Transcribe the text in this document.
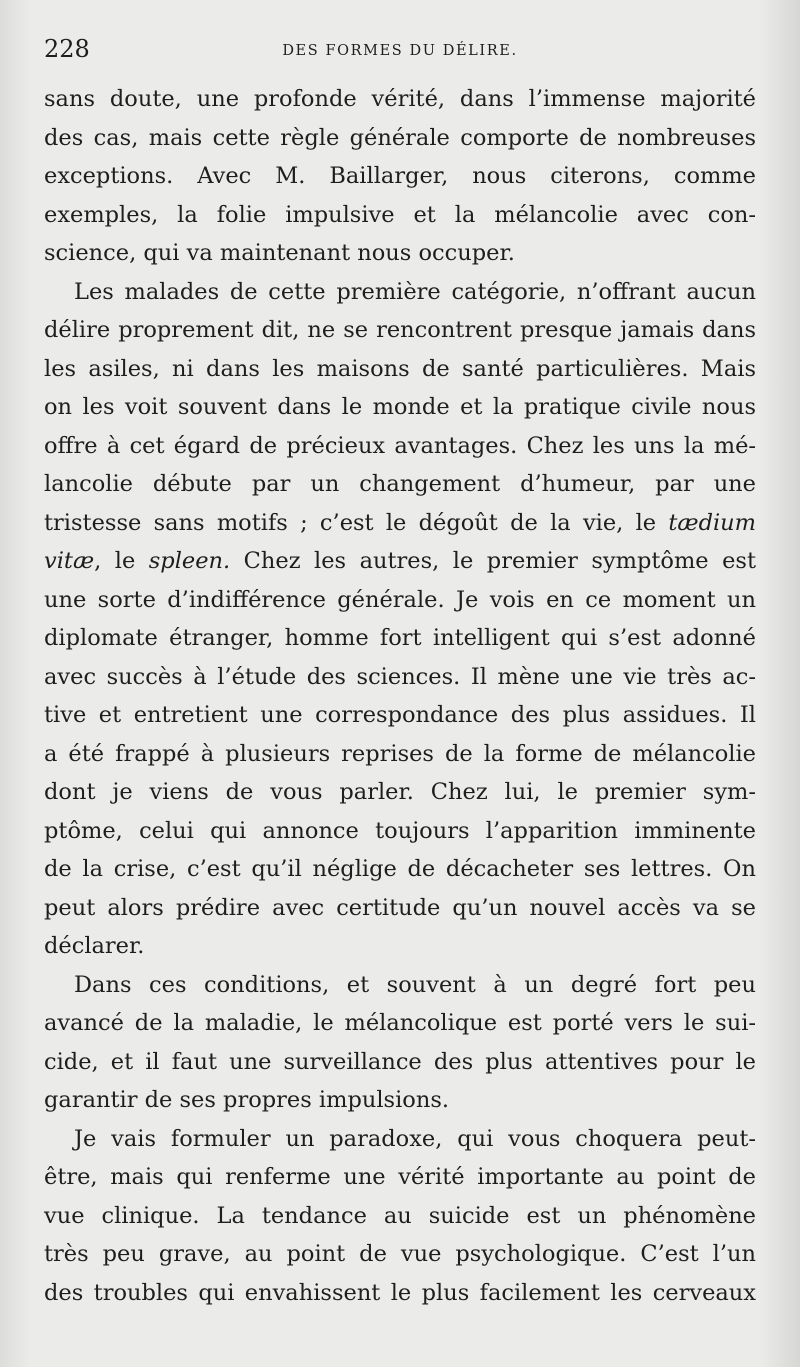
228	DES FORMES DU DÉLIRE.
sans doute, une profonde vérité, dans l’immense majorité
des cas, mais cette règle générale comporte de nombreuses
exceptions. Avec M. Baillarger, nous citerons, comme
exemples, la folie impulsive et la mélancolie avec con-
science, qui va maintenant nous occuper.
Les malades de cette première catégorie, n’offrant aucun
délire proprement dit, ne se rencontrent presque jamais dans
les asiles, ni dans les maisons de santé particulières. Mais
on les voit souvent dans le monde et la pratique civile nous
offre à cet égard de précieux avantages. Chez les uns la mé-
lancolie débute par un changement d’humeur, par une
tristesse sans motifs ; c’est le dégoût de la vie, le tædium
vitæ, le spleen. Chez les autres, le premier symptôme est
une sorte d’indifférence générale. Je vois en ce moment un
diplomate étranger, homme fort intelligent qui s’est adonné
avec succès à l’étude des sciences. Il mène une vie très ac-
tive et entretient une correspondance des plus assidues. Il
a été frappé à plusieurs reprises de la forme de mélancolie
dont je viens de vous parler. Chez lui, le premier sym-
ptôme, celui qui annonce toujours l’apparition imminente
de la crise, c’est qu’il néglige de décacheter ses lettres. On
peut alors prédire avec certitude qu’un nouvel accès va se
déclarer.
Dans ces conditions, et souvent à un degré fort peu
avancé de la maladie, le mélancolique est porté vers le sui-
cide, et il faut une surveillance des plus attentives pour le
garantir de ses propres impulsions.
Je vais formuler un paradoxe, qui vous choquera peut-
être, mais qui renferme une vérité importante au point de
vue clinique. La tendance au suicide est un phénomène
très peu grave, au point de vue psychologique. C’est l’un
des troubles qui envahissent le plus facilement les cerveaux
